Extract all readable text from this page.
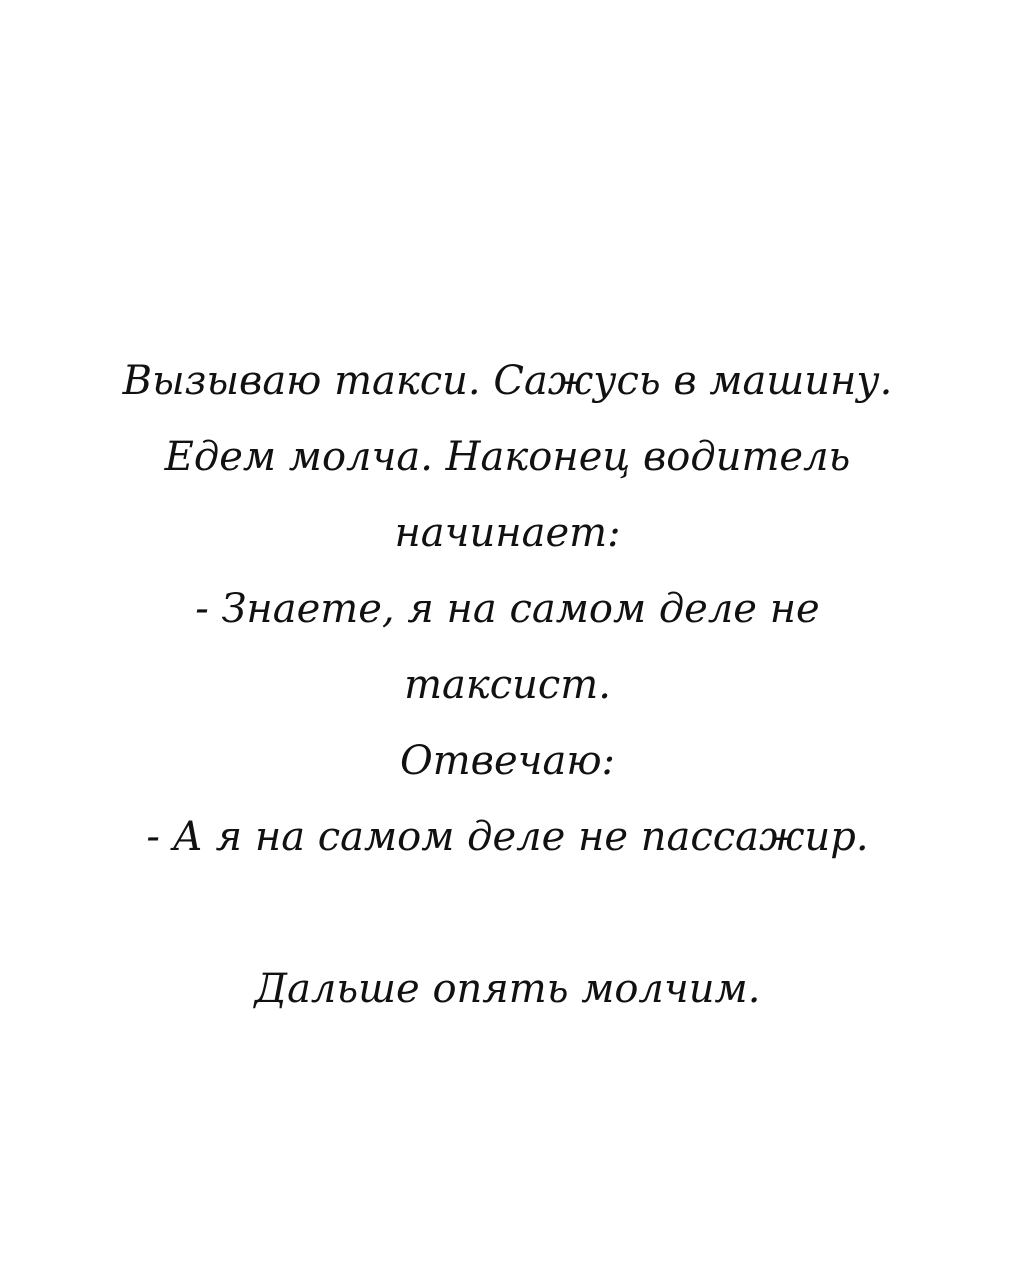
Вызываю такси. Сажусь в машину.
Едем молча. Наконец водитель
начинает:
- Знаете, я на самом деле не
таксист.
Отвечаю:
- А я на самом деле не пассажир.
Дальше опять молчим.
